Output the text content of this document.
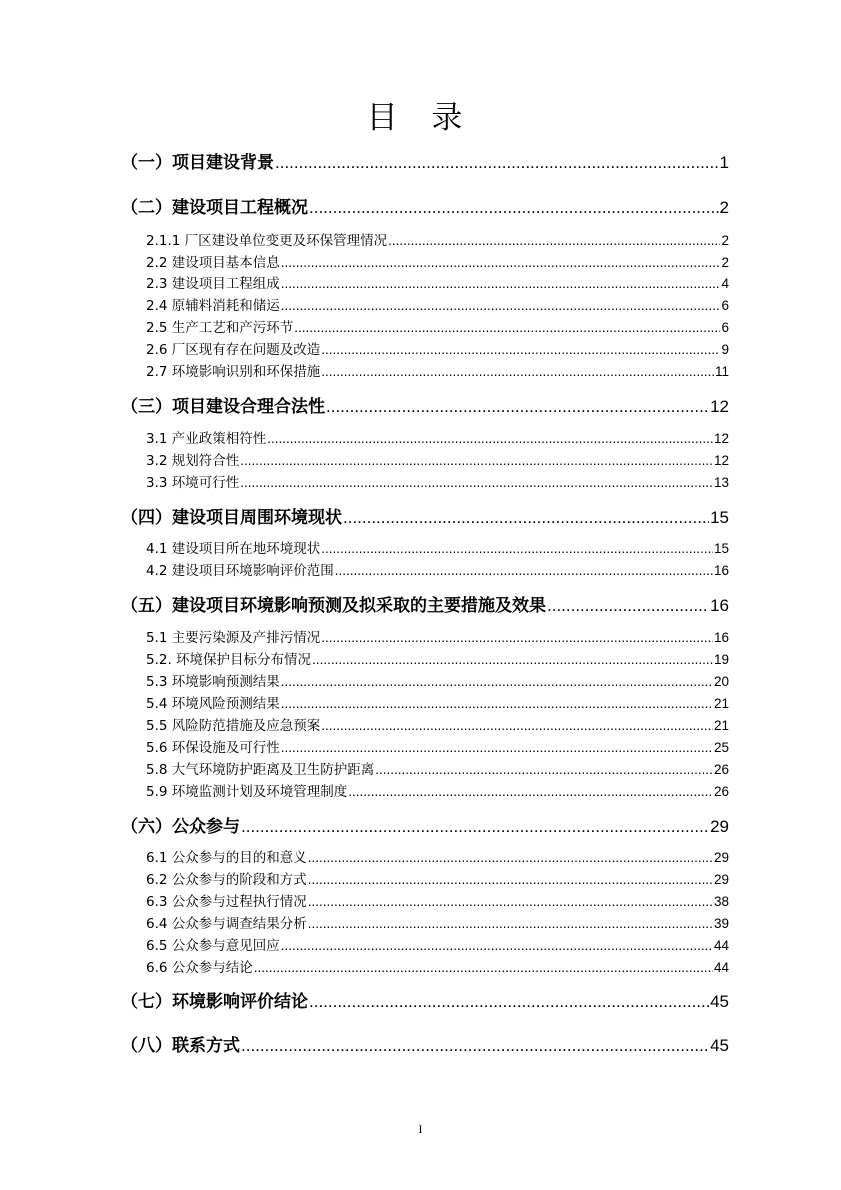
目 录
（一）项目建设背景 .....	1
（二）建设项目工程概况 .....	2
2.1.1 厂区建设单位变更及环保管理情况 .....	2
2.2 建设项目基本信息 .....	2
2.3 建设项目工程组成 .....	4
2.4 原辅料消耗和储运 .....	6
2.5 生产工艺和产污环节 .....	6
2.6 厂区现有存在问题及改造 .....	9
2.7 环境影响识别和环保措施 .....	11
（三）项目建设合理合法性 .....	12
3.1 产业政策相符性 .....	12
3.2 规划符合性 .....	12
3.3 环境可行性 .....	13
（四）建设项目周围环境现状 .....	15
4.1 建设项目所在地环境现状 .....	15
4.2 建设项目环境影响评价范围 .....	16
（五）建设项目环境影响预测及拟采取的主要措施及效果 .....	16
5.1 主要污染源及产排污情况 .....	16
5.2. 环境保护目标分布情况 .....	19
5.3 环境影响预测结果 .....	20
5.4 环境风险预测结果 .....	21
5.5 风险防范措施及应急预案 .....	21
5.6 环保设施及可行性 .....	25
5.8 大气环境防护距离及卫生防护距离 .....	26
5.9 环境监测计划及环境管理制度 .....	26
（六）公众参与 .....	29
6.1 公众参与的目的和意义 .....	29
6.2 公众参与的阶段和方式 .....	29
6.3 公众参与过程执行情况 .....	38
6.4 公众参与调查结果分析 .....	39
6.5 公众参与意见回应 .....	44
6.6 公众参与结论 .....	44
（七）环境影响评价结论 .....	45
（八）联系方式 .....	45
I
